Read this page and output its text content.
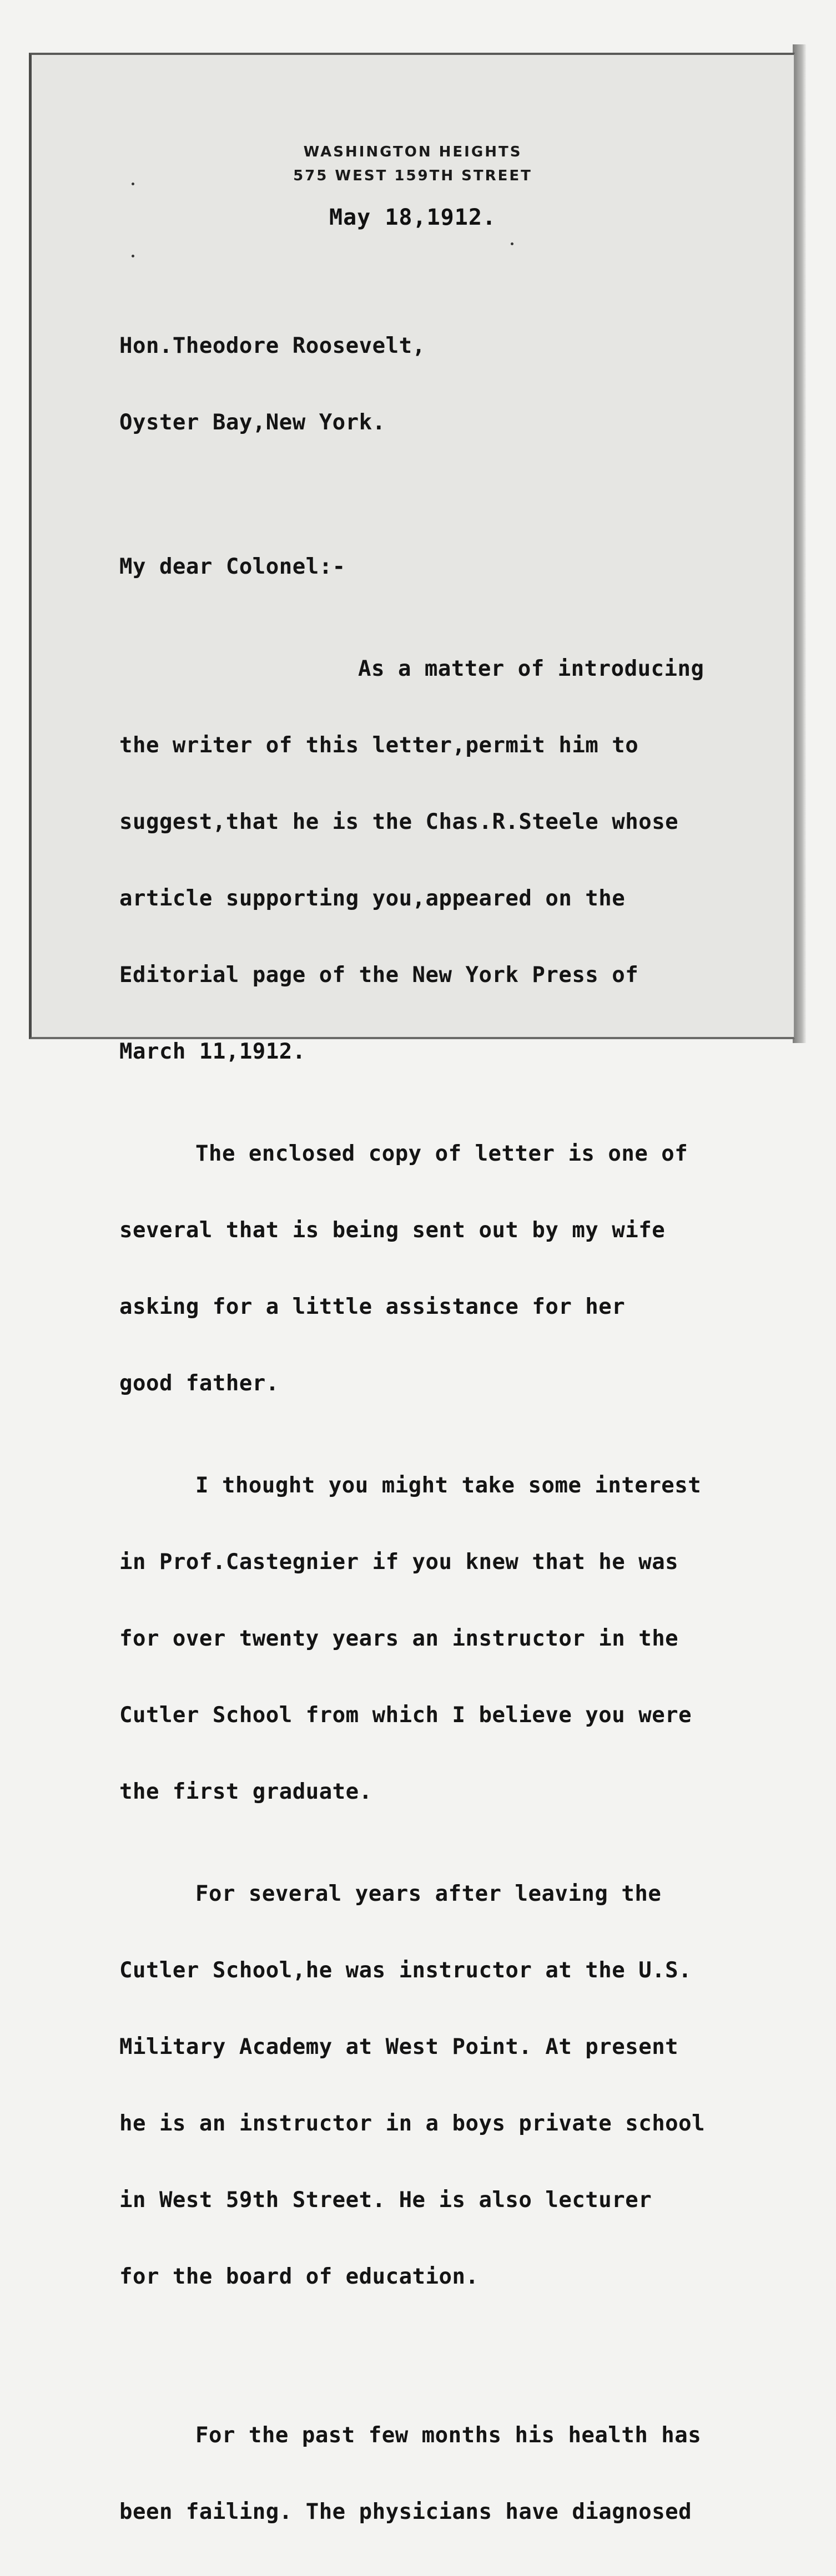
WASHINGTON HEIGHTS
575 WEST 159TH STREET
May 18,1912.

Hon.Theodore Roosevelt,

Oyster Bay,New York.

My dear Colonel:-

As a matter of introducing

the writer of this letter,permit him to

suggest,that he is the Chas.R.Steele whose

article supporting you,appeared on the

Editorial page of the New York Press of

March 11,1912.

The enclosed copy of letter is one of

several that is being sent out by my wife

asking for a little assistance for her

good father.

I thought you might take some interest

in Prof.Castegnier if you knew that he was

for over twenty years an instructor in the

Cutler School from which I believe you were

the first graduate.

For several years after leaving the

Cutler School,he was instructor at the U.S.

Military Academy at West Point. At present

he is an instructor in a boys private school

in West 59th Street. He is also lecturer

for the board of education.

For the past few months his health has

been failing. The physicians have diagnosed
